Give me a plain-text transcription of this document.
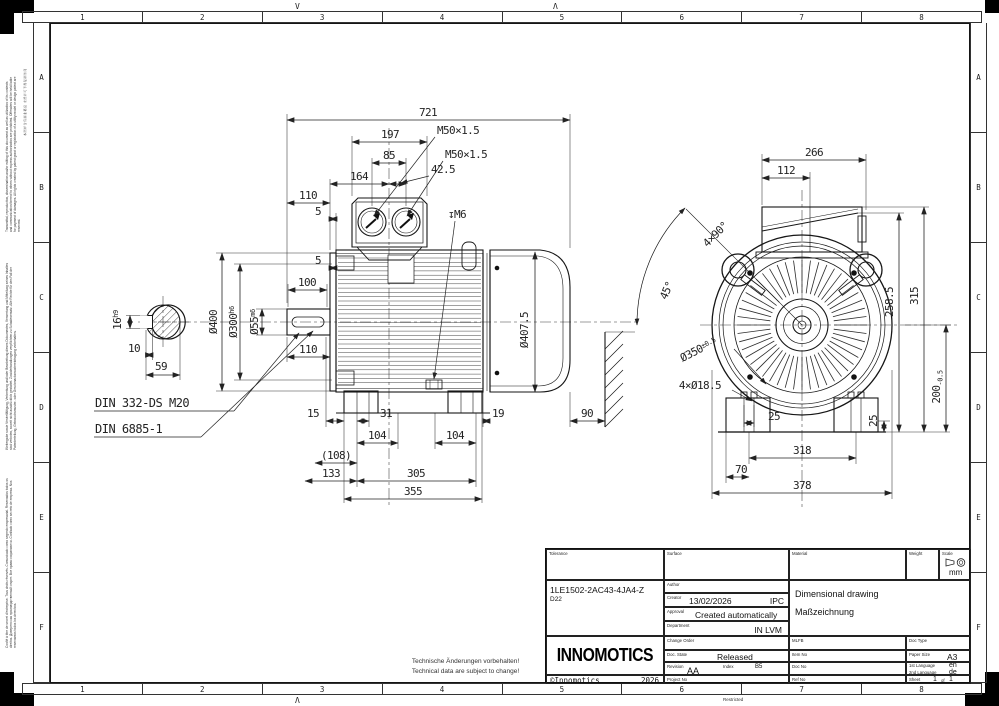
1	2	3	4	5	6	7	8
1	2	3	4	5	6	7	8
A
B
C
D
E
F
A
B
C
D
E
F
V	Λ
Λ	Restricted
Transmittal, reproduction, dissemination and/or editing of this document as well as utilization of its contents and communication thereof to others without express authorization are prohibited. Offenders will be held liable for payment of damages. All rights created by patent grant or registration of a utility model or design patent are reserved.
Weitergabe sowie Vervielfältigung, Verbreitung und/oder Bearbeitung dieses Dokumentes, Verwertung und Mitteilung seines Inhaltes sind verboten, soweit nicht ausdrücklich gestattet. Zuwiderhandlungen verpflichten zu Schadenersatz. Alle Rechte für den Fall der Patenterteilung, Gebrauchsmuster- oder Geschmacksmustereintragung vorbehalten.
Confié à titre de secret d'entreprise. Tous droits réservés. Comunicado como segredo empresarial. Reservados todos os direitos. Доверено как производственный секрет. Все права сохраняются. Confiado como secreto de empresa. Nos reservamos todos los derechos.
本图样含有商业秘密 未经许可不得复制传阅	721
197
85
164
42.5
M50×1.5
M50×1.5
↧M6
110
5
5
100
110
Ø400 $Ø300^{h6}$
$Ø55^{m6}$	Ø407.5
$16^{h9}$
10
59
DIN 332-DS M20
DIN 6885-1
15	31	19	90
104	104
(108)
133	305
355
266
112
4×90°
45°	258.5 315
$Ø350^{\pm 0.5}$
4×Ø18.5
$200_{-0.5}$
25
25
318
70
378
Tolerance	Surface	Material	Weight	Scale
mm
1LE1502-2AC43-4JA4-Z
D22
INNOMOTICS
©Innomotics	2026
Author
Creator 13/02/2026	IPC
Approval Created automatically
Department	IN LVM
Change Order
Doc. State	Released
Revision AA	Index	B5
Project No
Dimensional drawing
Maßzeichnung
MLFB
Item No
Doc No
Ref No
Doc Type
Paper Size A3
1st Language en
2nd Language de
Sheet 1 of 1
Technische Änderungen vorbehalten!
Technical data are subject to change!
